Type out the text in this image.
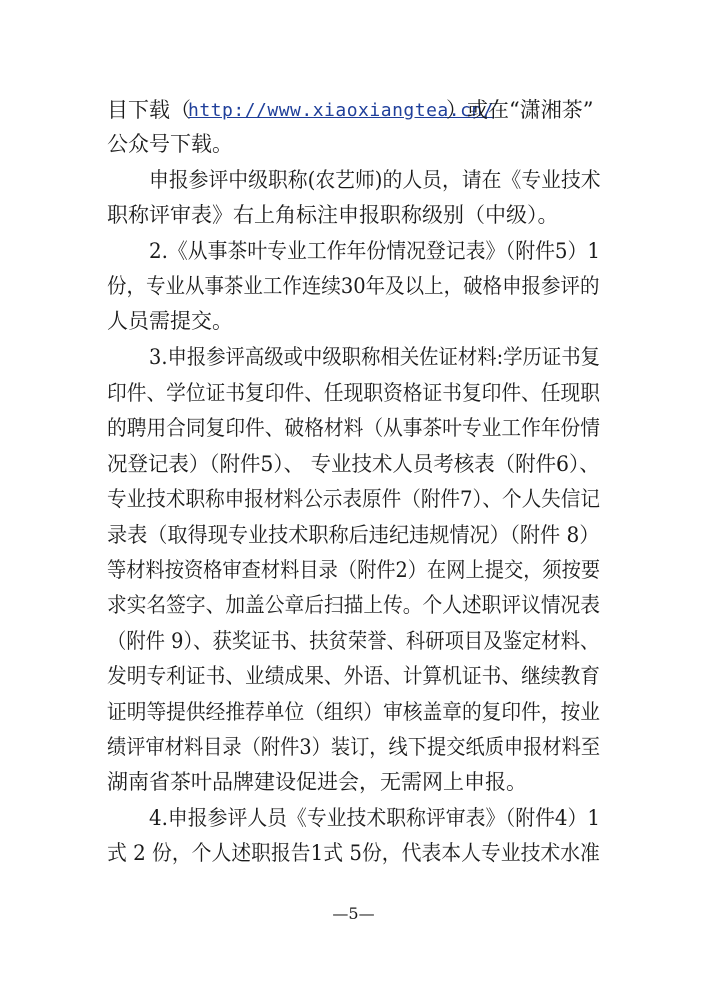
目下载（
http://www.xiaoxiangtea.cn/
）或在“潇湘茶”
公众号下载。
申报参评中级职称(农艺师)的人员，请在《专业技术
职称评审表》右上角标注申报职称级别（中级）。
2.《从事茶叶专业工作年份情况登记表》（附件5）1
份，专业从事茶业工作连续30年及以上，破格申报参评的
人员需提交。
3.申报参评高级或中级职称相关佐证材料:学历证书复
印件、学位证书复印件、任现职资格证书复印件、任现职
的聘用合同复印件、破格材料（从事茶叶专业工作年份情
况登记表）（附件5）、 专业技术人员考核表（附件6）、
专业技术职称申报材料公示表原件（附件7）、个人失信记
录表（取得现专业技术职称后违纪违规情况）（附件 8）
等材料按资格审查材料目录（附件2）在网上提交，须按要
求实名签字、加盖公章后扫描上传。个人述职评议情况表
（附件 9）、获奖证书、扶贫荣誉、科研项目及鉴定材料、
发明专利证书、业绩成果、外语、计算机证书、继续教育
证明等提供经推荐单位（组织）审核盖章的复印件，按业
绩评审材料目录（附件3）装订，线下提交纸质申报材料至
湖南省茶叶品牌建设促进会，无需网上申报。
4.申报参评人员《专业技术职称评审表》（附件4）1
式 2 份，个人述职报告1式 5份，代表本人专业技术水准
—5—
